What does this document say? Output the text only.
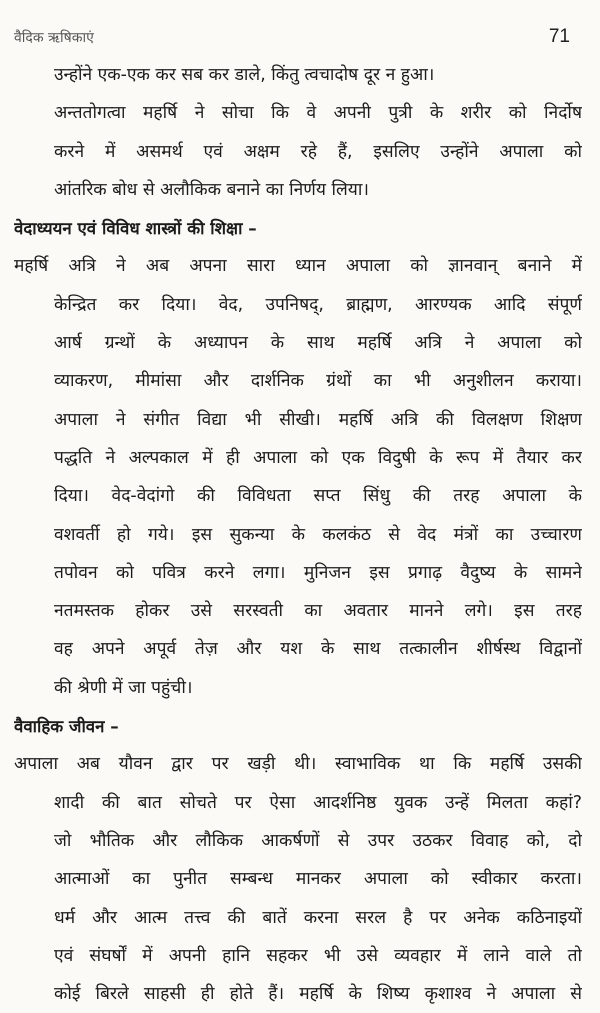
वैदिक ऋषिकाएं	71
उन्होंने एक-एक कर सब कर डाले, किंतु त्वचादोष दूर न हुआ।
अन्ततोगत्वा महर्षि ने सोचा कि वे अपनी पुत्री के शरीर को निर्दोष
करने में असमर्थ एवं अक्षम रहे हैं, इसलिए उन्होंने अपाला को
आंतरिक बोध से अलौकिक बनाने का निर्णय लिया।
वेदाध्ययन एवं विविध शास्त्रों की शिक्षा –
महर्षि अत्रि ने अब अपना सारा ध्यान अपाला को ज्ञानवान् बनाने में
केन्द्रित कर दिया। वेद, उपनिषद्, ब्राह्मण, आरण्यक आदि संपूर्ण
आर्ष ग्रन्थों के अध्यापन के साथ महर्षि अत्रि ने अपाला को
व्याकरण, मीमांसा और दार्शनिक ग्रंथों का भी अनुशीलन कराया।
अपाला ने संगीत विद्या भी सीखी। महर्षि अत्रि की विलक्षण शिक्षण
पद्धति ने अल्पकाल में ही अपाला को एक विदुषी के रूप में तैयार कर
दिया। वेद-वेदांगो की विविधता सप्त सिंधु की तरह अपाला के
वशवर्ती हो गये। इस सुकन्या के कलकंठ से वेद मंत्रों का उच्चारण
तपोवन को पवित्र करने लगा। मुनिजन इस प्रगाढ़ वैदुष्य के सामने
नतमस्तक होकर उसे सरस्वती का अवतार मानने लगे। इस तरह
वह अपने अपूर्व तेज़ और यश के साथ तत्कालीन शीर्षस्थ विद्वानों
की श्रेणी में जा पहुंची।
वैवाहिक जीवन –
अपाला अब यौवन द्वार पर खड़ी थी। स्वाभाविक था कि महर्षि उसकी
शादी की बात सोचते पर ऐसा आदर्शनिष्ठ युवक उन्हें मिलता कहां?
जो भौतिक और लौकिक आकर्षणों से उपर उठकर विवाह को, दो
आत्माओं का पुनीत सम्बन्ध मानकर अपाला को स्वीकार करता।
धर्म और आत्म तत्त्व की बातें करना सरल है पर अनेक कठिनाइयों
एवं संघर्षों में अपनी हानि सहकर भी उसे व्यवहार में लाने वाले तो
कोई बिरले साहसी ही होते हैं। महर्षि के शिष्य कृशाश्व ने अपाला से
